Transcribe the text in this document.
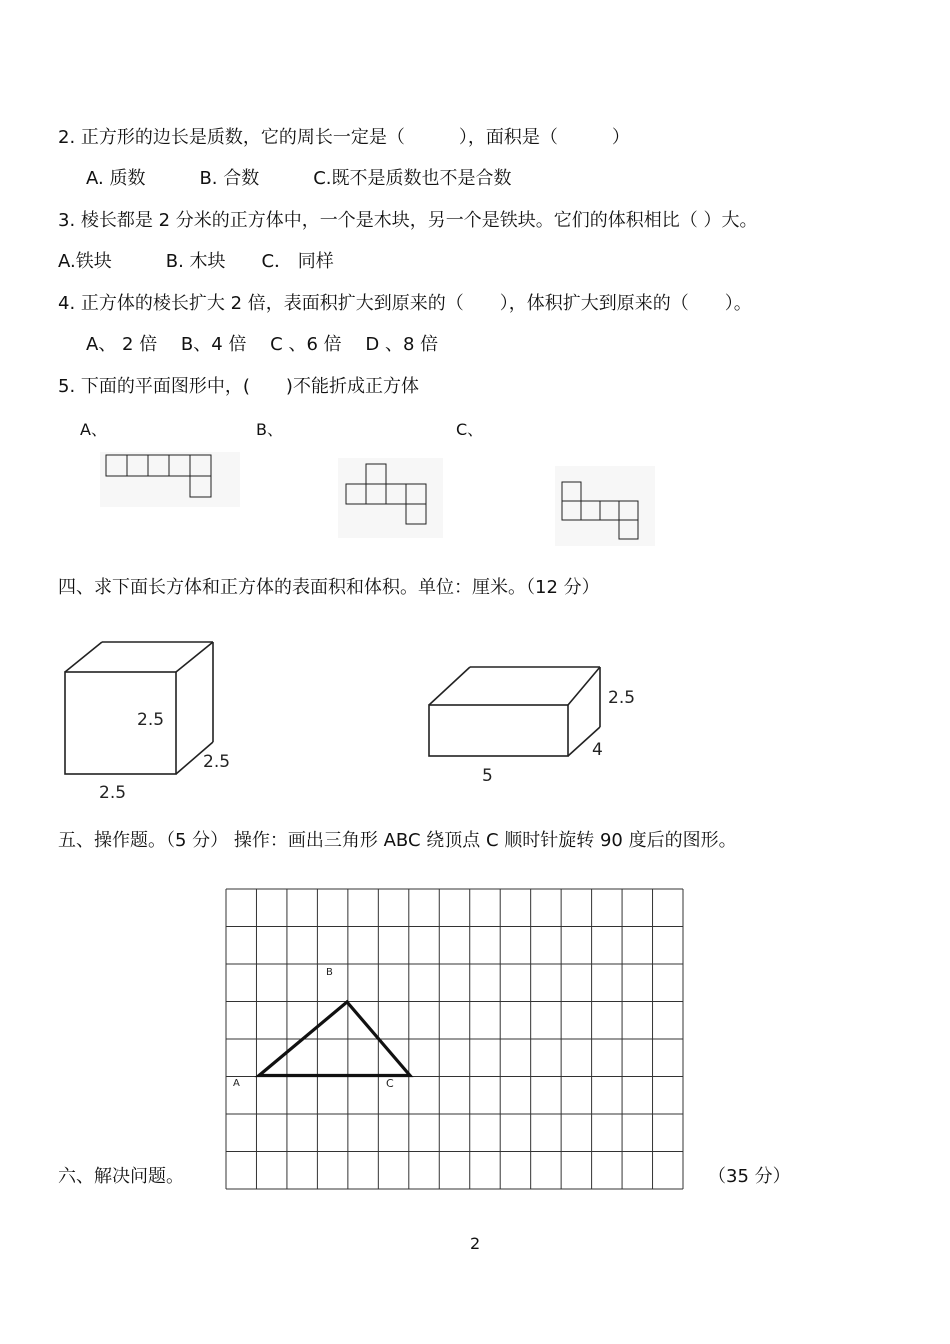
2. 正方形的边长是质数，它的周长一定是（　　　），面积是（　　　）
A. 质数　　　B. 合数　　　C.既不是质数也不是合数
3. 棱长都是 2 分米的正方体中，一个是木块，另一个是铁块。它们的体积相比（ ）大。
A.铁块　　　B. 木块　　C． 同样
4. 正方体的棱长扩大 2 倍，表面积扩大到原来的（　　），体积扩大到原来的（　　）。
A、 2 倍　 B、4 倍　 C 、6 倍　 D 、8 倍
5. 下面的平面图形中，(　　)不能折成正方体
A、	B、	C、
四、求下面长方体和正方体的表面积和体积。单位：厘米。（12 分）
2.5
2.5
2.5
2.5
4
5
五、操作题。（5 分） 操作：画出三角形 ABC 绕顶点 C 顺时针旋转 90 度后的图形。
A
B
C
六、解决问题。	（35 分）
2
